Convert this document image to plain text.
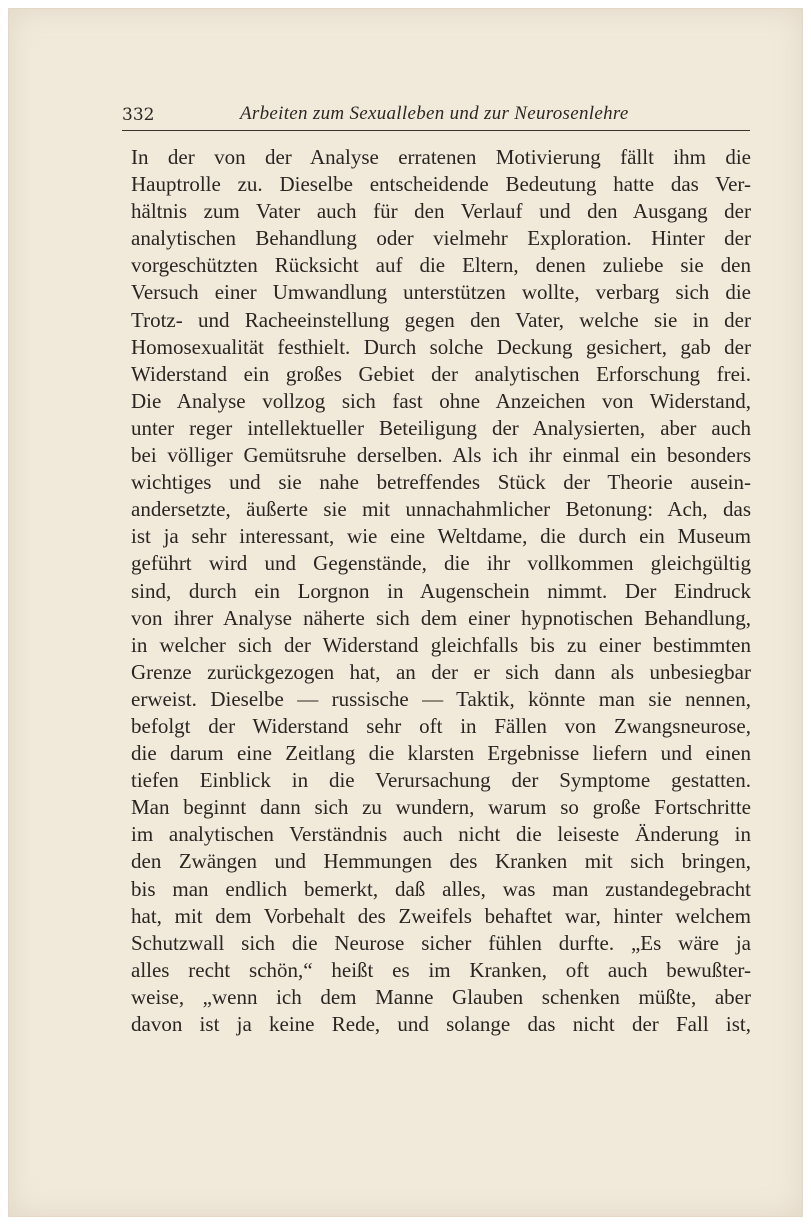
332	Arbeiten zum Sexualleben und zur Neurosenlehre
In der von der Analyse erratenen Motivierung fällt ihm die
Hauptrolle zu. Dieselbe entscheidende Bedeutung hatte das Ver-
hältnis zum Vater auch für den Verlauf und den Ausgang der
analytischen Behandlung oder vielmehr Exploration. Hinter der
vorgeschützten Rücksicht auf die Eltern, denen zuliebe sie den
Versuch einer Umwandlung unterstützen wollte, verbarg sich die
Trotz- und Racheeinstellung gegen den Vater, welche sie in der
Homosexualität festhielt. Durch solche Deckung gesichert, gab der
Widerstand ein großes Gebiet der analytischen Erforschung frei.
Die Analyse vollzog sich fast ohne Anzeichen von Widerstand,
unter reger intellektueller Beteiligung der Analysierten, aber auch
bei völliger Gemütsruhe derselben. Als ich ihr einmal ein besonders
wichtiges und sie nahe betreffendes Stück der Theorie ausein-
andersetzte, äußerte sie mit unnachahmlicher Betonung: Ach, das
ist ja sehr interessant, wie eine Weltdame, die durch ein Museum
geführt wird und Gegenstände, die ihr vollkommen gleichgültig
sind, durch ein Lorgnon in Augenschein nimmt. Der Eindruck
von ihrer Analyse näherte sich dem einer hypnotischen Behandlung,
in welcher sich der Widerstand gleichfalls bis zu einer bestimmten
Grenze zurückgezogen hat, an der er sich dann als unbesiegbar
erweist. Dieselbe — russische — Taktik, könnte man sie nennen,
befolgt der Widerstand sehr oft in Fällen von Zwangsneurose,
die darum eine Zeitlang die klarsten Ergebnisse liefern und einen
tiefen Einblick in die Verursachung der Symptome gestatten.
Man beginnt dann sich zu wundern, warum so große Fortschritte
im analytischen Verständnis auch nicht die leiseste Änderung in
den Zwängen und Hemmungen des Kranken mit sich bringen,
bis man endlich bemerkt, daß alles, was man zustandegebracht
hat, mit dem Vorbehalt des Zweifels behaftet war, hinter welchem
Schutzwall sich die Neurose sicher fühlen durfte. „Es wäre ja
alles recht schön,“ heißt es im Kranken, oft auch bewußter-
weise, „wenn ich dem Manne Glauben schenken müßte, aber
davon ist ja keine Rede, und solange das nicht der Fall ist,
